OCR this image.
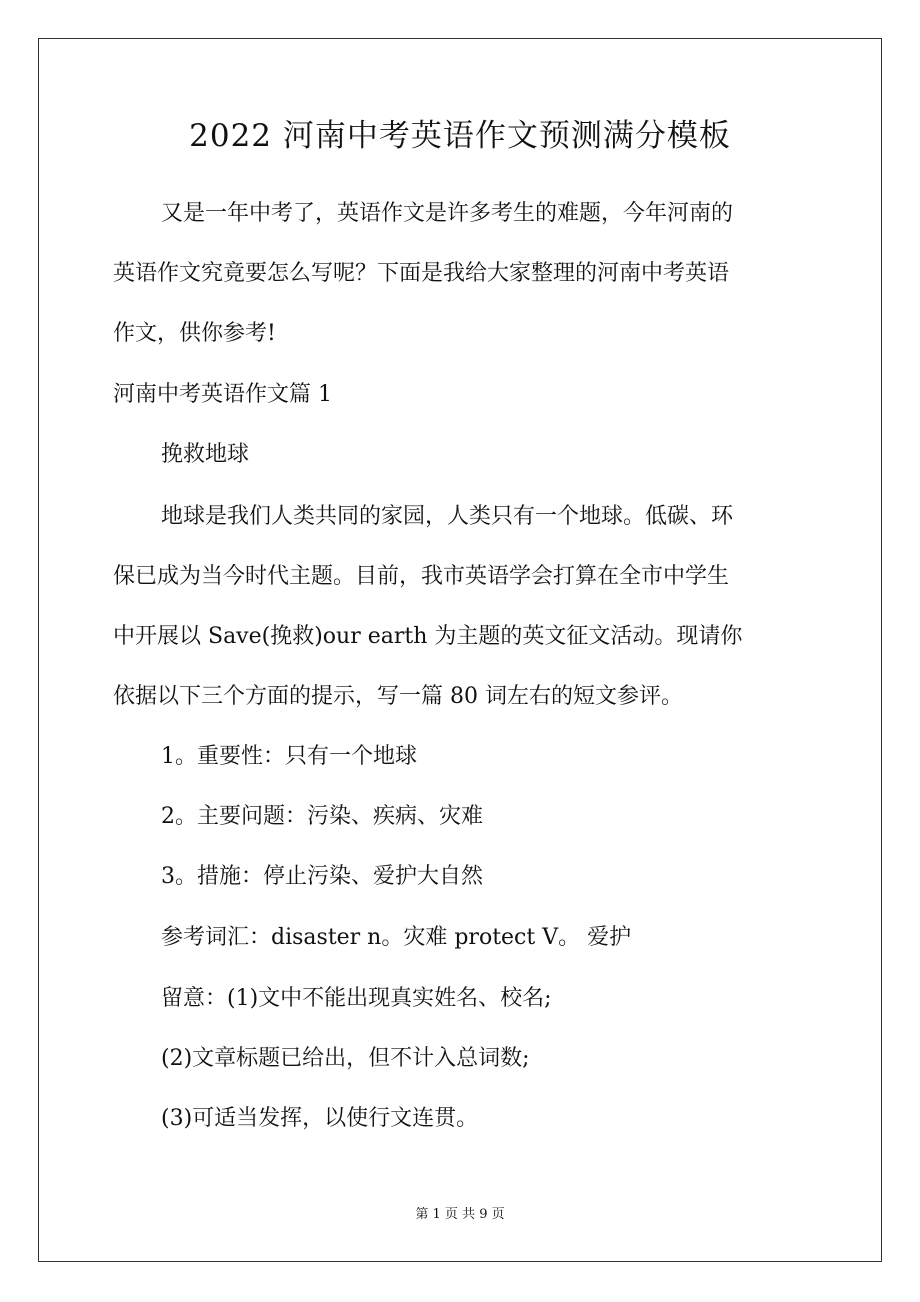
2022 河南中考英语作文预测满分模板

又是一年中考了，英语作文是许多考生的难题，今年河南的

英语作文究竟要怎么写呢？下面是我给大家整理的河南中考英语

作文，供你参考!

河南中考英语作文篇 1

挽救地球

地球是我们人类共同的家园，人类只有一个地球。低碳、环

保已成为当今时代主题。目前，我市英语学会打算在全市中学生

中开展以 Save(挽救)our earth 为主题的英文征文活动。现请你

依据以下三个方面的提示，写一篇 80 词左右的短文参评。

1。重要性：只有一个地球

2。主要问题：污染、疾病、灾难

3。措施：停止污染、爱护大自然

参考词汇：disaster n。灾难 protect V。 爱护

留意：(1)文中不能出现真实姓名、校名;

(2)文章标题已给出，但不计入总词数;

(3)可适当发挥，以使行文连贯。

第 1 页 共 9 页
